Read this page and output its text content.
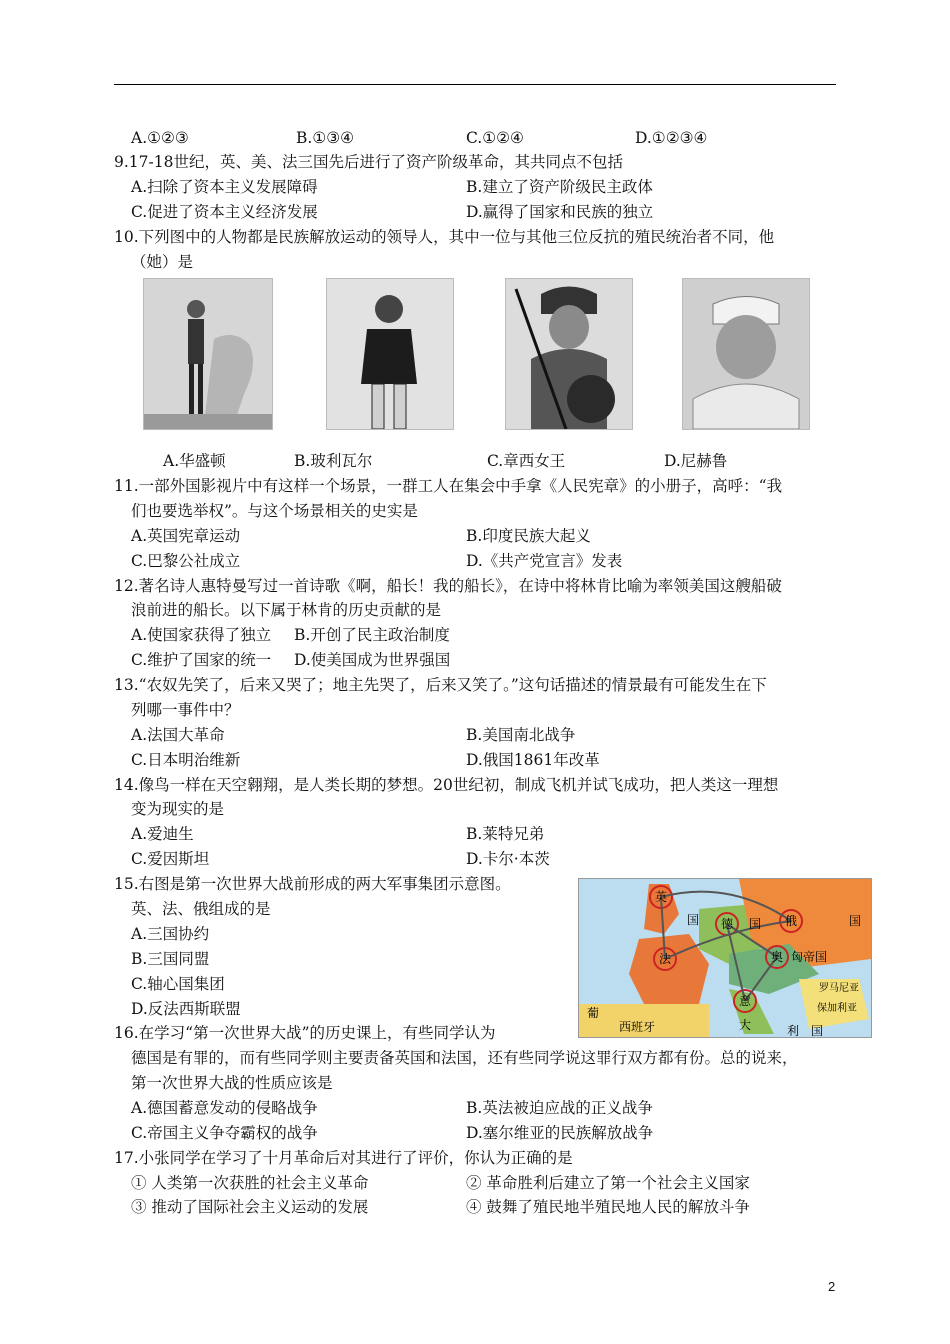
A.①②③	B.①③④	C.①②④	D.①②③④
9.17-18世纪，英、美、法三国先后进行了资产阶级革命，其共同点不包括
A.扫除了资本主义发展障碍	B.建立了资产阶级民主政体
C.促进了资本主义经济发展	D.赢得了国家和民族的独立
10.下列图中的人物都是民族解放运动的领导人，其中一位与其他三位反抗的殖民统治者不同，他
（她）是
A.华盛顿	B.玻利瓦尔	C.章西女王	D.尼赫鲁
11.一部外国影视片中有这样一个场景，一群工人在集会中手拿《人民宪章》的小册子，高呼：“我
们也要选举权”。与这个场景相关的史实是
A.英国宪章运动	B.印度民族大起义
C.巴黎公社成立	D.《共产党宣言》发表
12.著名诗人惠特曼写过一首诗歌《啊，船长！我的船长》，在诗中将林肯比喻为率领美国这艘船破
浪前进的船长。以下属于林肯的历史贡献的是
A.使国家获得了独立 B.开创了民主政治制度
C.维护了国家的统一 D.使美国成为世界强国
13.“农奴先笑了，后来又哭了；地主先哭了，后来又笑了。”这句话描述的情景最有可能发生在下
列哪一事件中？
A.法国大革命	B.美国南北战争
C.日本明治维新	D.俄国1861年改革
14.像鸟一样在天空翱翔，是人类长期的梦想。20世纪初，制成飞机并试飞成功，把人类这一理想
变为现实的是
A.爱迪生	B.莱特兄弟
C.爱因斯坦	D.卡尔·本茨
15.右图是第一次世界大战前形成的两大军事集团示意图。
英、法、俄组成的是
A.三国协约
B.三国同盟
C.轴心国集团
D.反法西斯联盟
英
国 德 国 俄	国
法	奥 匈帝国
意
罗马尼亚
保加利亚
葡
西班牙	大	利 国
16.在学习“第一次世界大战”的历史课上，有些同学认为
德国是有罪的，而有些同学则主要责备英国和法国，还有些同学说这罪行双方都有份。总的说来，
第一次世界大战的性质应该是
A.德国蓄意发动的侵略战争	B.英法被迫应战的正义战争
C.帝国主义争夺霸权的战争	D.塞尔维亚的民族解放战争
17.小张同学在学习了十月革命后对其进行了评价，你认为正确的是
① 人类第一次获胜的社会主义革命	② 革命胜利后建立了第一个社会主义国家
③ 推动了国际社会主义运动的发展	④ 鼓舞了殖民地半殖民地人民的解放斗争
2
